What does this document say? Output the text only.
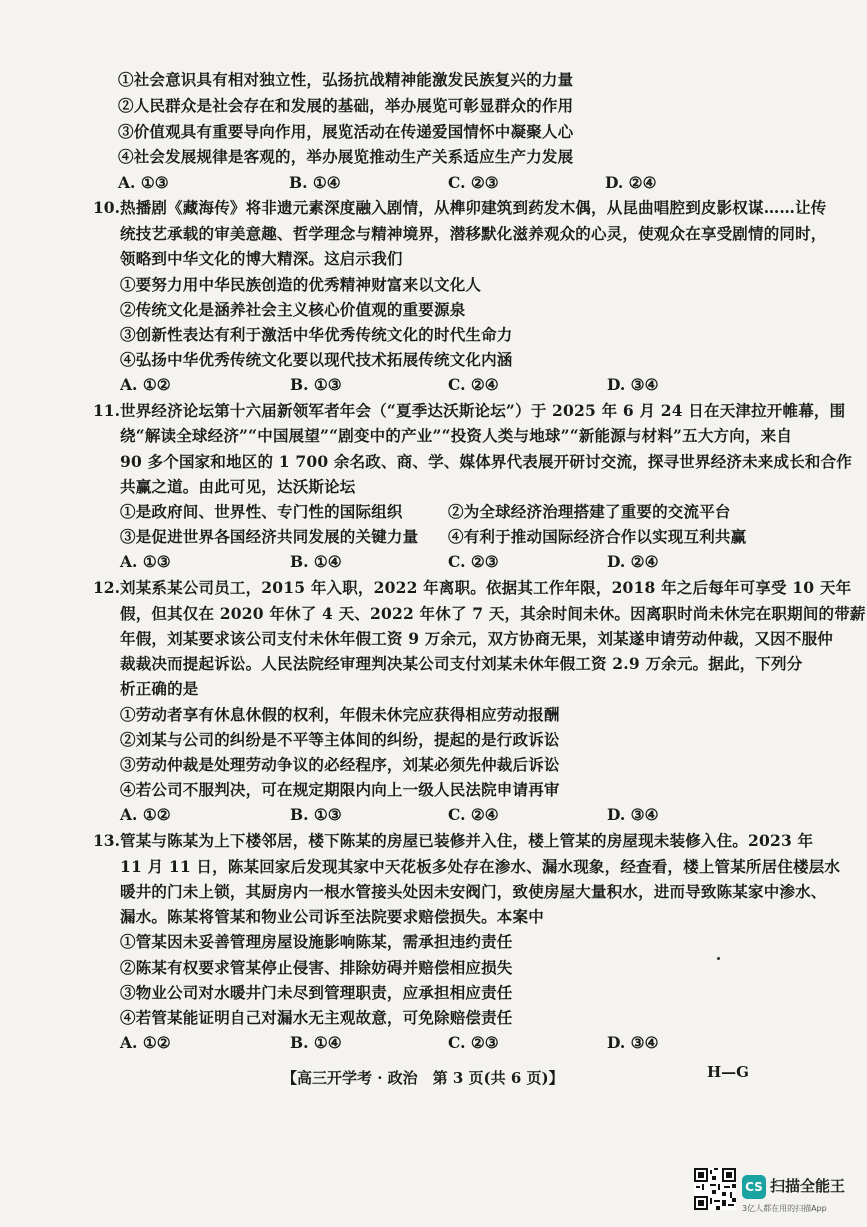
①社会意识具有相对独立性，弘扬抗战精神能激发民族复兴的力量
②人民群众是社会存在和发展的基础，举办展览可彰显群众的作用
③价值观具有重要导向作用，展览活动在传递爱国情怀中凝聚人心
④社会发展规律是客观的，举办展览推动生产关系适应生产力发展
A. ①③	B. ①④	C. ②③	D. ②④
10. 热播剧《藏海传》将非遗元素深度融入剧情，从榫卯建筑到药发木偶，从昆曲唱腔到皮影权谋……让传
统技艺承载的审美意趣、哲学理念与精神境界，潜移默化滋养观众的心灵，使观众在享受剧情的同时，
领略到中华文化的博大精深。这启示我们
①要努力用中华民族创造的优秀精神财富来以文化人
②传统文化是涵养社会主义核心价值观的重要源泉
③创新性表达有利于激活中华优秀传统文化的时代生命力
④弘扬中华优秀传统文化要以现代技术拓展传统文化内涵
A. ①②	B. ①③	C. ②④	D. ③④
11. 世界经济论坛第十六届新领军者年会（“夏季达沃斯论坛”）于 2025 年 6 月 24 日在天津拉开帷幕，围
绕“解读全球经济”“中国展望”“剧变中的产业”“投资人类与地球”“新能源与材料”五大方向，来自
90 多个国家和地区的 1 700 余名政、商、学、媒体界代表展开研讨交流，探寻世界经济未来成长和合作
共赢之道。由此可见，达沃斯论坛
①是政府间、世界性、专门性的国际组织	②为全球经济治理搭建了重要的交流平台
③是促进世界各国经济共同发展的关键力量 ④有利于推动国际经济合作以实现互利共赢
A. ①③	B. ①④	C. ②③	D. ②④
12. 刘某系某公司员工，2015 年入职，2022 年离职。依据其工作年限，2018 年之后每年可享受 10 天年
假，但其仅在 2020 年休了 4 天、2022 年休了 7 天，其余时间未休。因离职时尚未休完在职期间的带薪
年假，刘某要求该公司支付未休年假工资 9 万余元，双方协商无果，刘某遂申请劳动仲裁，又因不服仲
裁裁决而提起诉讼。人民法院经审理判决某公司支付刘某未休年假工资 2.9 万余元。据此，下列分
析正确的是
①劳动者享有休息休假的权利，年假未休完应获得相应劳动报酬
②刘某与公司的纠纷是不平等主体间的纠纷，提起的是行政诉讼
③劳动仲裁是处理劳动争议的必经程序，刘某必须先仲裁后诉讼
④若公司不服判决，可在规定期限内向上一级人民法院申请再审
A. ①②	B. ①③	C. ②④	D. ③④
13. 管某与陈某为上下楼邻居，楼下陈某的房屋已装修并入住，楼上管某的房屋现未装修入住。2023 年
11 月 11 日，陈某回家后发现其家中天花板多处存在渗水、漏水现象，经查看，楼上管某所居住楼层水
暖井的门未上锁，其厨房内一根水管接头处因未安阀门，致使房屋大量积水，进而导致陈某家中渗水、
漏水。陈某将管某和物业公司诉至法院要求赔偿损失。本案中
①管某因未妥善管理房屋设施影响陈某，需承担违约责任
②陈某有权要求管某停止侵害、排除妨碍并赔偿相应损失
③物业公司对水暖井门未尽到管理职责，应承担相应责任
④若管某能证明自己对漏水无主观故意，可免除赔偿责任
A. ①②	B. ①④	C. ②③	D. ③④
【高三开学考 · 政治　第 3 页(共 6 页)】	H—G
CS 扫描全能王
3亿人都在用的扫描App
